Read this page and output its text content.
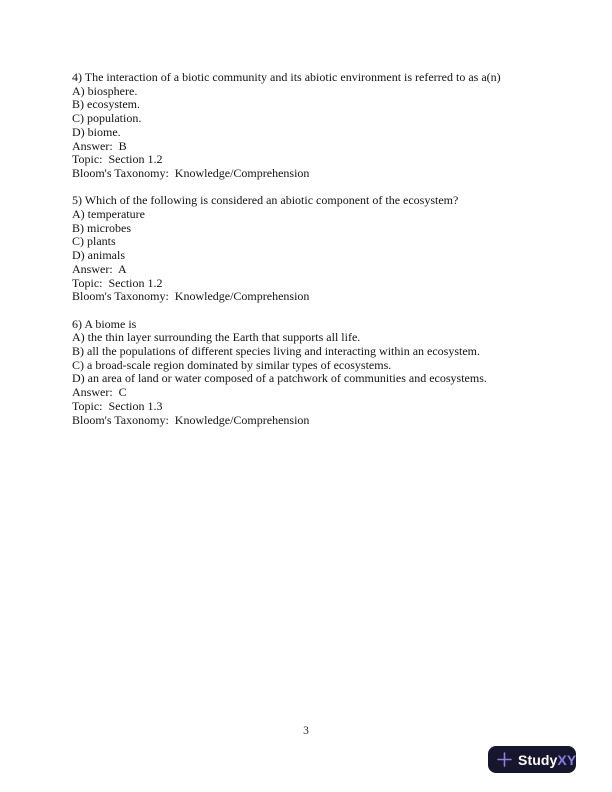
4) The interaction of a biotic community and its abiotic environment is referred to as a(n)
A) biosphere.
B) ecosystem.
C) population.
D) biome.
Answer:  B
Topic:  Section 1.2
Bloom's Taxonomy:  Knowledge/Comprehension
5) Which of the following is considered an abiotic component of the ecosystem?
A) temperature
B) microbes
C) plants
D) animals
Answer:  A
Topic:  Section 1.2
Bloom's Taxonomy:  Knowledge/Comprehension
6) A biome is
A) the thin layer surrounding the Earth that supports all life.
B) all the populations of different species living and interacting within an ecosystem.
C) a broad-scale region dominated by similar types of ecosystems.
D) an area of land or water composed of a patchwork of communities and ecosystems.
Answer:  C
Topic:  Section 1.3
Bloom's Taxonomy:  Knowledge/Comprehension
3
StudyXY
